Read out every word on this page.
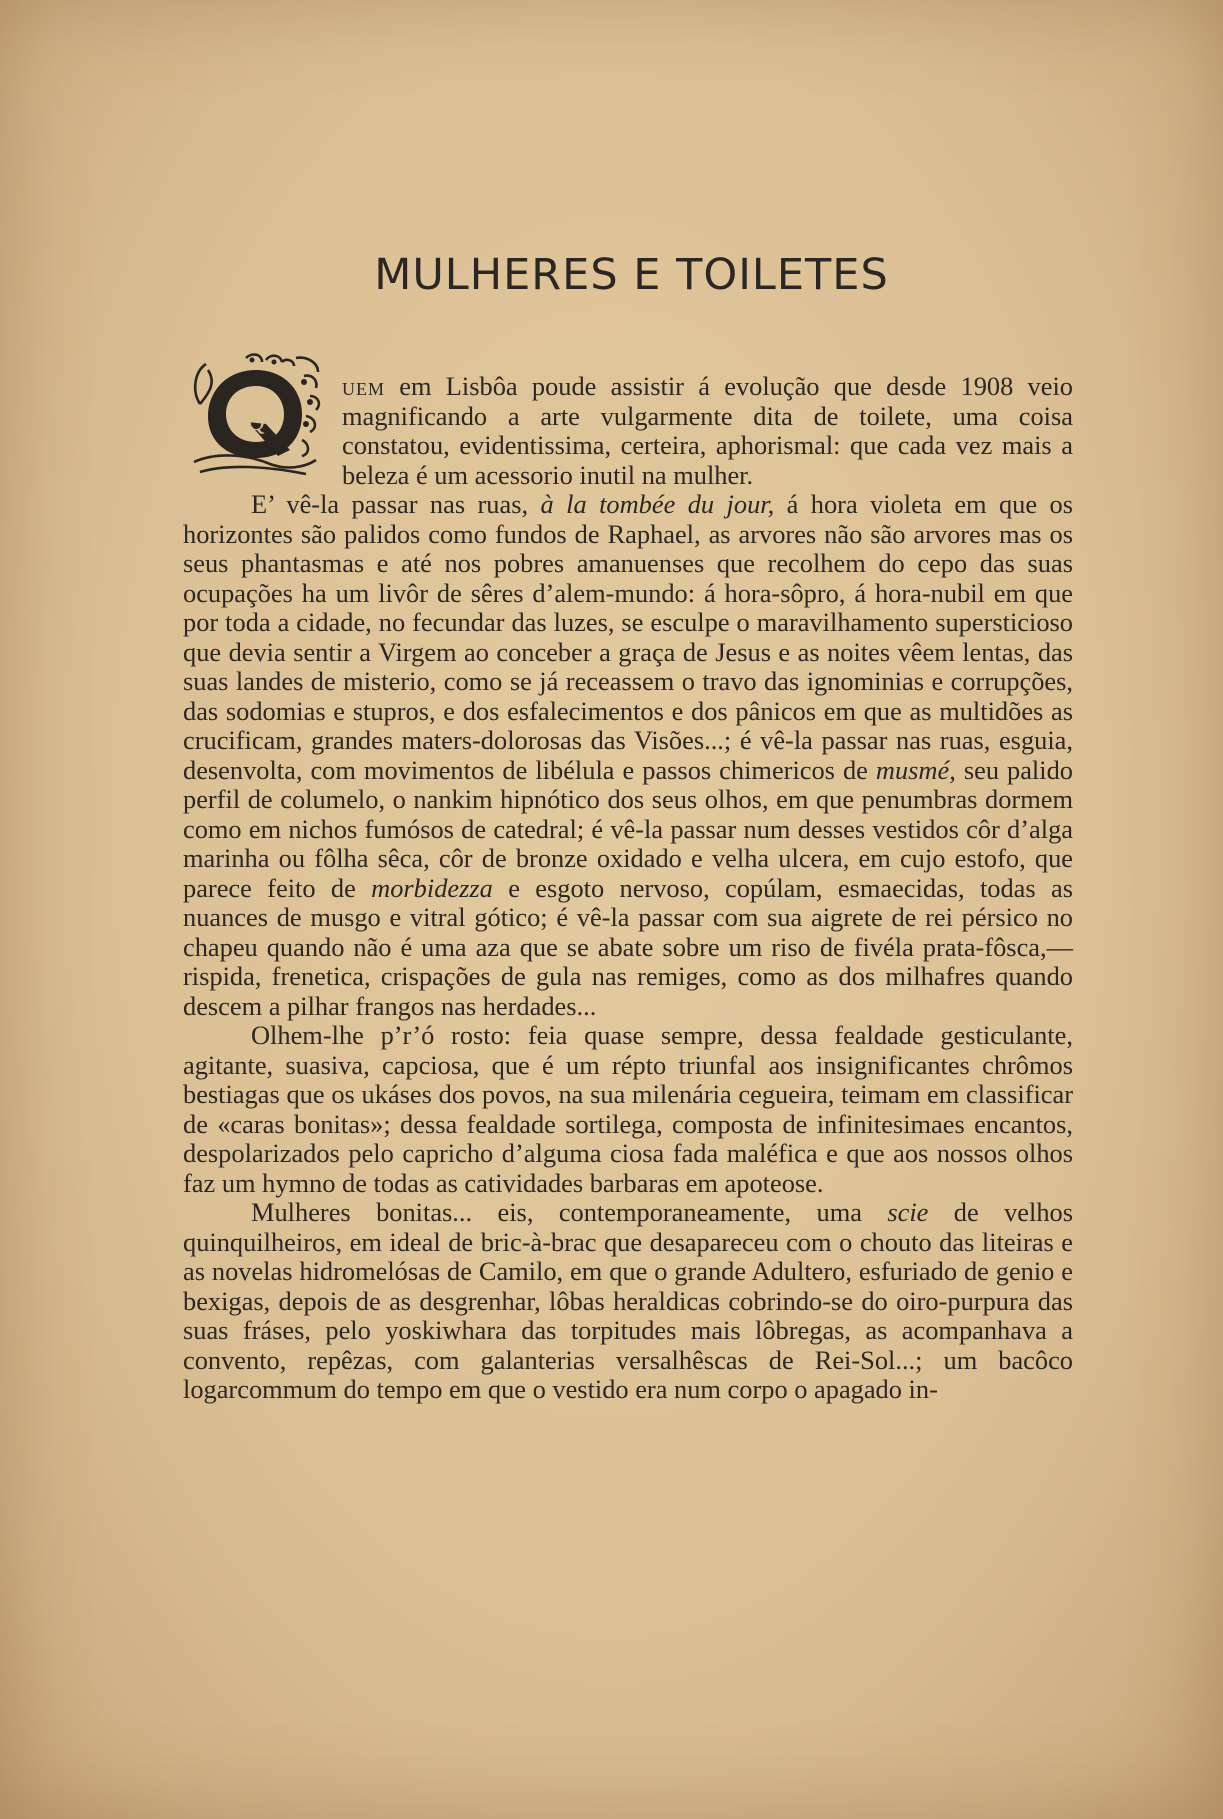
MULHERES E TOILETES

Q
uem em Lisbôa poude assistir á evolução que desde 1908 veio magnificando a arte vulgarmente dita de toilete, uma coisa constatou, evidentissima, certeira, aphorismal: que cada vez mais a beleza é um acessorio inutil na mulher.

E’ vê-la passar nas ruas, à la tombée du jour, á hora violeta em que os horizontes são palidos como fundos de Raphael, as arvores não são arvores mas os seus phantasmas e até nos pobres amanuenses que recolhem do cepo das suas ocupações ha um livôr de sêres d’alem-mundo: á hora-sôpro, á hora-nubil em que por toda a cidade, no fecundar das luzes, se esculpe o maravilhamento supersticioso que devia sentir a Virgem ao conceber a graça de Jesus e as noites vêem lentas, das suas landes de misterio, como se já receassem o travo das ignominias e corrupções, das sodomias e stupros, e dos esfalecimentos e dos pânicos em que as multidões as crucificam, grandes maters-dolorosas das Visões...; é vê-la passar nas ruas, esguia, desenvolta, com movimentos de libélula e passos chimericos de musmé, seu palido perfil de columelo, o nankim hipnótico dos seus olhos, em que penumbras dormem como em nichos fumósos de catedral; é vê-la passar num desses vestidos côr d’alga marinha ou fôlha sêca, côr de bronze oxidado e velha ulcera, em cujo estofo, que parece feito de morbidezza e esgoto nervoso, copúlam, esmaecidas, todas as nuances de musgo e vitral gótico; é vê-la passar com sua aigrete de rei pérsico no chapeu quando não é uma aza que se abate sobre um riso de fivéla prata-fôsca,—rispida, frenetica, crispações de gula nas remiges, como as dos milhafres quando descem a pilhar frangos nas herdades...

Olhem-lhe p’r’ó rosto: feia quase sempre, dessa fealdade gesticulante, agitante, suasiva, capciosa, que é um répto triunfal aos insignificantes chrômos bestiagas que os ukáses dos povos, na sua milenária cegueira, teimam em classificar de «caras bonitas»; dessa fealdade sortilega, composta de infinitesimaes encantos, despolarizados pelo capricho d’alguma ciosa fada maléfica e que aos nossos olhos faz um hymno de todas as catividades barbaras em apoteose.

Mulheres bonitas... eis, contemporaneamente, uma scie de velhos quinquilheiros, em ideal de bric-à-brac que desapareceu com o chouto das liteiras e as novelas hidromelósas de Camilo, em que o grande Adultero, esfuriado de genio e bexigas, depois de as desgrenhar, lôbas heraldicas cobrindo-se do oiro-purpura das suas fráses, pelo yoskiwhara das torpitudes mais lôbregas, as acompanhava a convento, repêzas, com galanterias versalhêscas de Rei-Sol...; um bacôco logarcommum do tempo em que o vestido era num corpo o apagado in-
